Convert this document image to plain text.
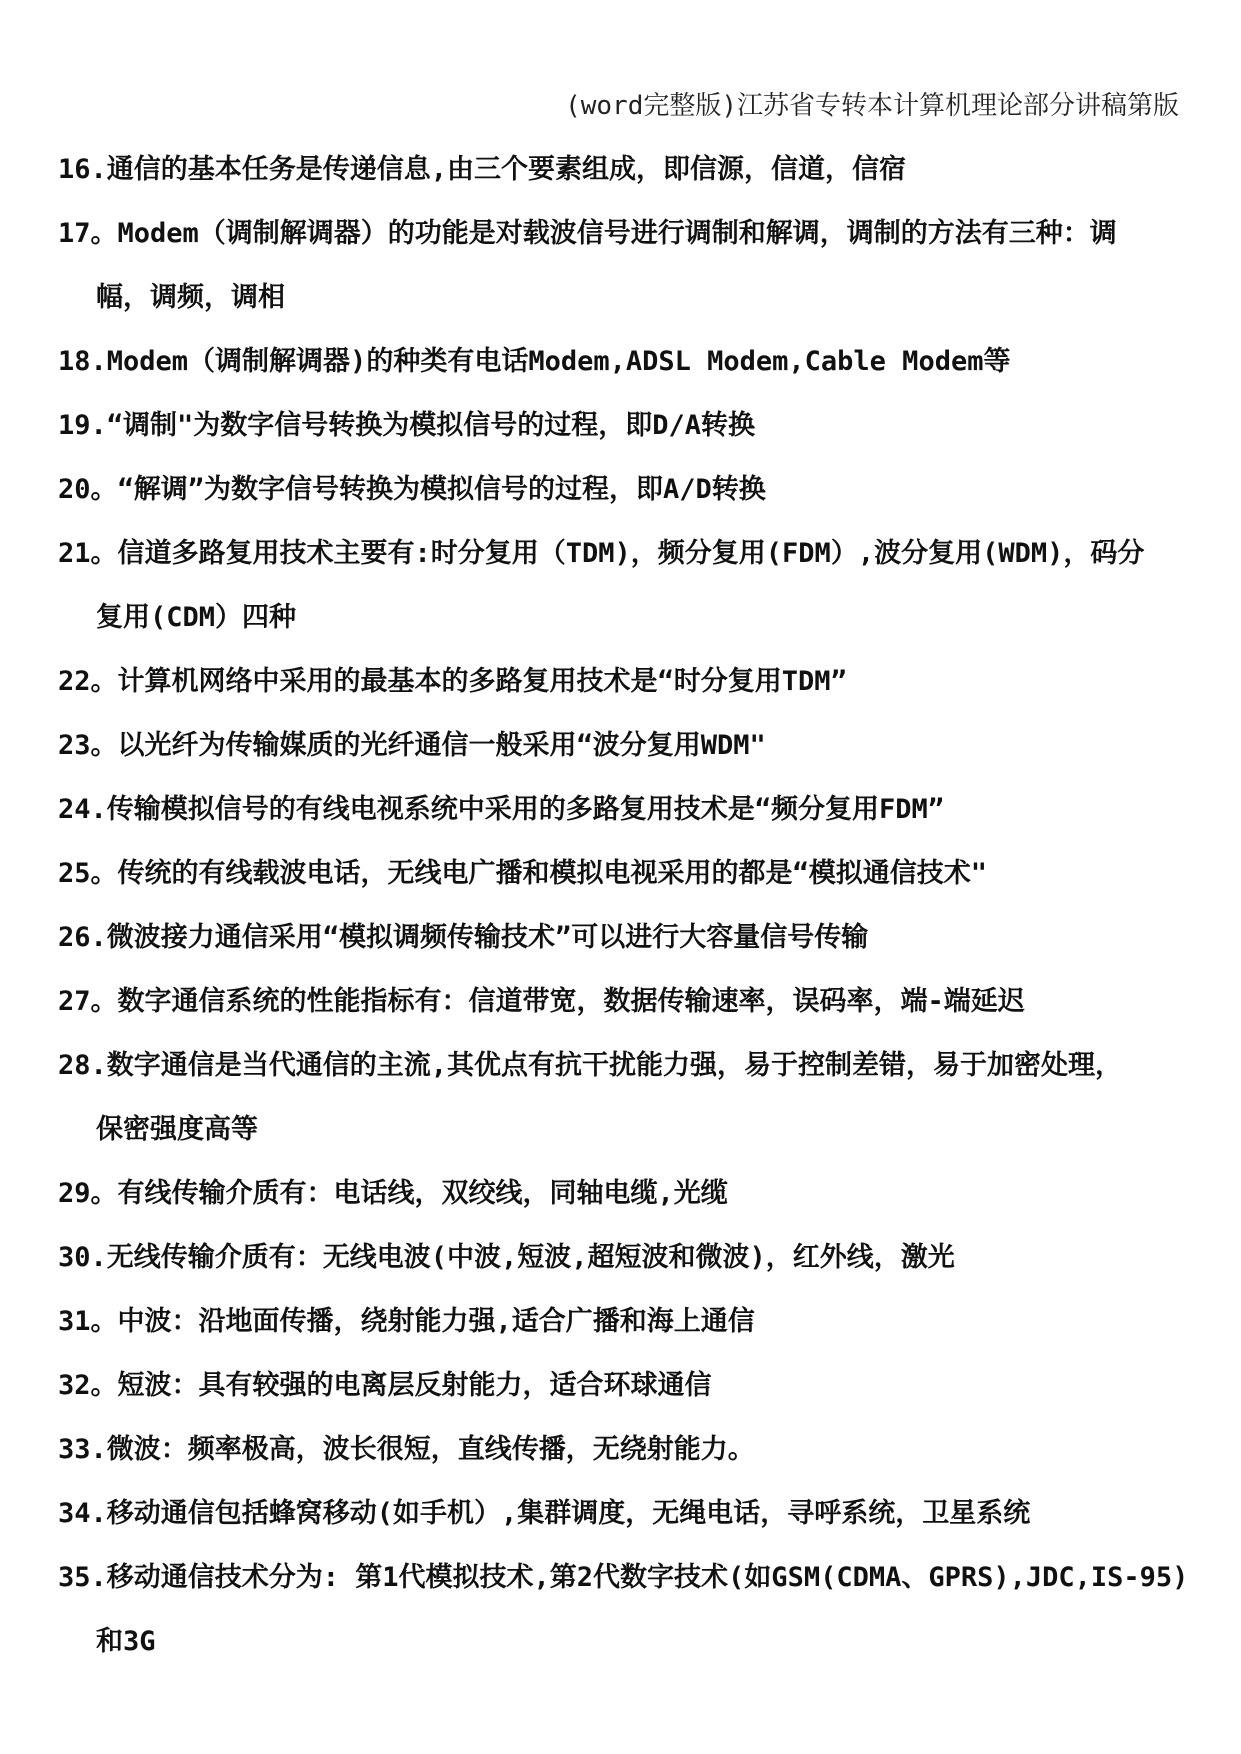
(word完整版)江苏省专转本计算机理论部分讲稿第版
16. 通信的基本任务是传递信息,由三个要素组成，即信源，信道，信宿
17。 Modem（调制解调器）的功能是对载波信号进行调制和解调，调制的方法有三种：调
幅，调频，调相
18. Modem（调制解调器)的种类有电话Modem,ADSL Modem,Cable Modem等
19. “调制"为数字信号转换为模拟信号的过程，即D/A转换
20。 “解调”为数字信号转换为模拟信号的过程，即A/D转换
21。 信道多路复用技术主要有:时分复用（TDM)，频分复用(FDM）,波分复用(WDM)，码分
复用(CDM）四种
22。 计算机网络中采用的最基本的多路复用技术是“时分复用TDM”
23。 以光纤为传输媒质的光纤通信一般采用“波分复用WDM"
24. 传输模拟信号的有线电视系统中采用的多路复用技术是“频分复用FDM”
25。 传统的有线载波电话，无线电广播和模拟电视采用的都是“模拟通信技术"
26. 微波接力通信采用“模拟调频传输技术”可以进行大容量信号传输
27。 数字通信系统的性能指标有：信道带宽，数据传输速率，误码率，端-端延迟
28. 数字通信是当代通信的主流,其优点有抗干扰能力强，易于控制差错，易于加密处理，
保密强度高等
29。 有线传输介质有：电话线，双绞线，同轴电缆,光缆
30. 无线传输介质有：无线电波(中波,短波,超短波和微波)，红外线，激光
31。 中波：沿地面传播，绕射能力强,适合广播和海上通信
32。 短波：具有较强的电离层反射能力，适合环球通信
33. 微波：频率极高，波长很短，直线传播，无绕射能力。
34. 移动通信包括蜂窝移动(如手机）,集群调度，无绳电话，寻呼系统，卫星系统
35. 移动通信技术分为: 第1代模拟技术,第2代数字技术(如GSM(CDMA、GPRS),JDC,IS-95)
和3G
